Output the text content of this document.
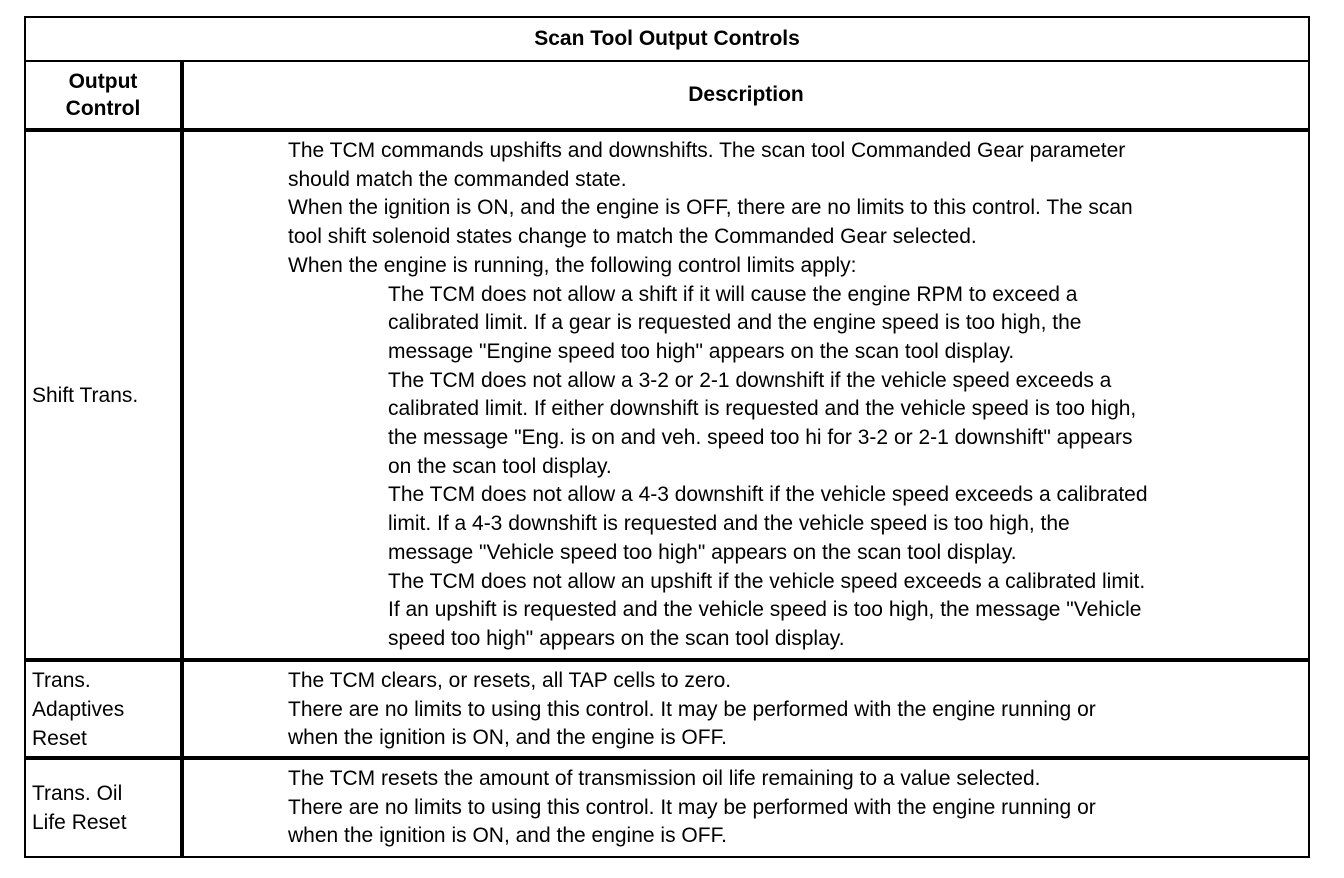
Scan Tool Output Controls
Output
Control
Description
Shift Trans.
The TCM commands upshifts and downshifts. The scan tool Commanded Gear parameter
should match the commanded state.
When the ignition is ON, and the engine is OFF, there are no limits to this control. The scan
tool shift solenoid states change to match the Commanded Gear selected.
When the engine is running, the following control limits apply:
The TCM does not allow a shift if it will cause the engine RPM to exceed a
calibrated limit. If a gear is requested and the engine speed is too high, the
message "Engine speed too high" appears on the scan tool display.
The TCM does not allow a 3-2 or 2-1 downshift if the vehicle speed exceeds a
calibrated limit. If either downshift is requested and the vehicle speed is too high,
the message "Eng. is on and veh. speed too hi for 3-2 or 2-1 downshift" appears
on the scan tool display.
The TCM does not allow a 4-3 downshift if the vehicle speed exceeds a calibrated
limit. If a 4-3 downshift is requested and the vehicle speed is too high, the
message "Vehicle speed too high" appears on the scan tool display.
The TCM does not allow an upshift if the vehicle speed exceeds a calibrated limit.
If an upshift is requested and the vehicle speed is too high, the message "Vehicle
speed too high" appears on the scan tool display.
Trans.
Adaptives
Reset
The TCM clears, or resets, all TAP cells to zero.
There are no limits to using this control. It may be performed with the engine running or
when the ignition is ON, and the engine is OFF.
Trans. Oil
Life Reset
The TCM resets the amount of transmission oil life remaining to a value selected.
There are no limits to using this control. It may be performed with the engine running or
when the ignition is ON, and the engine is OFF.
